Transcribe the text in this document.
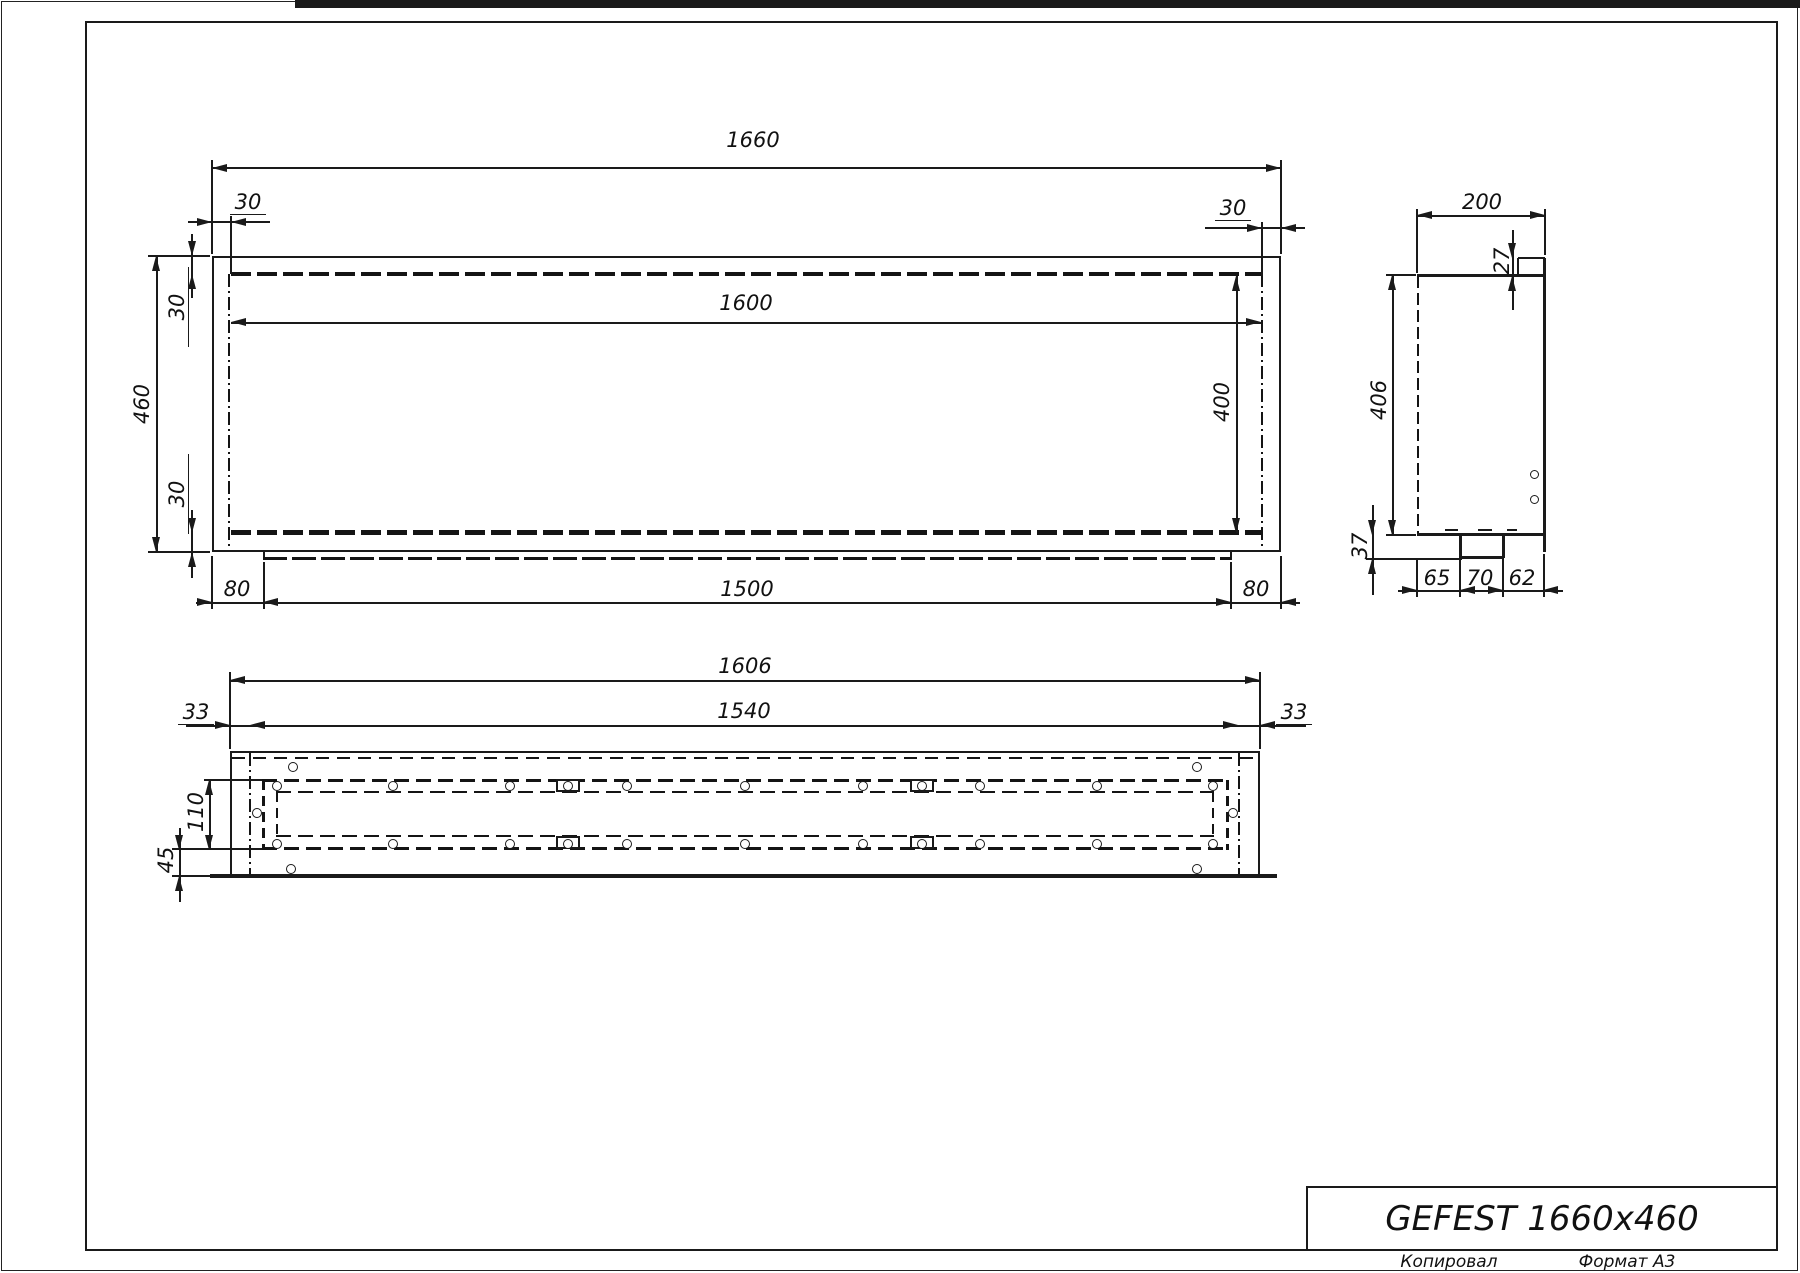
1660
30	30
1600
460
30
30
400
80	1500	80
200
27
406
37
65 70 62
1606
33	1540	33
110
45
GEFEST 1660x460
Копировал	Формат А3
